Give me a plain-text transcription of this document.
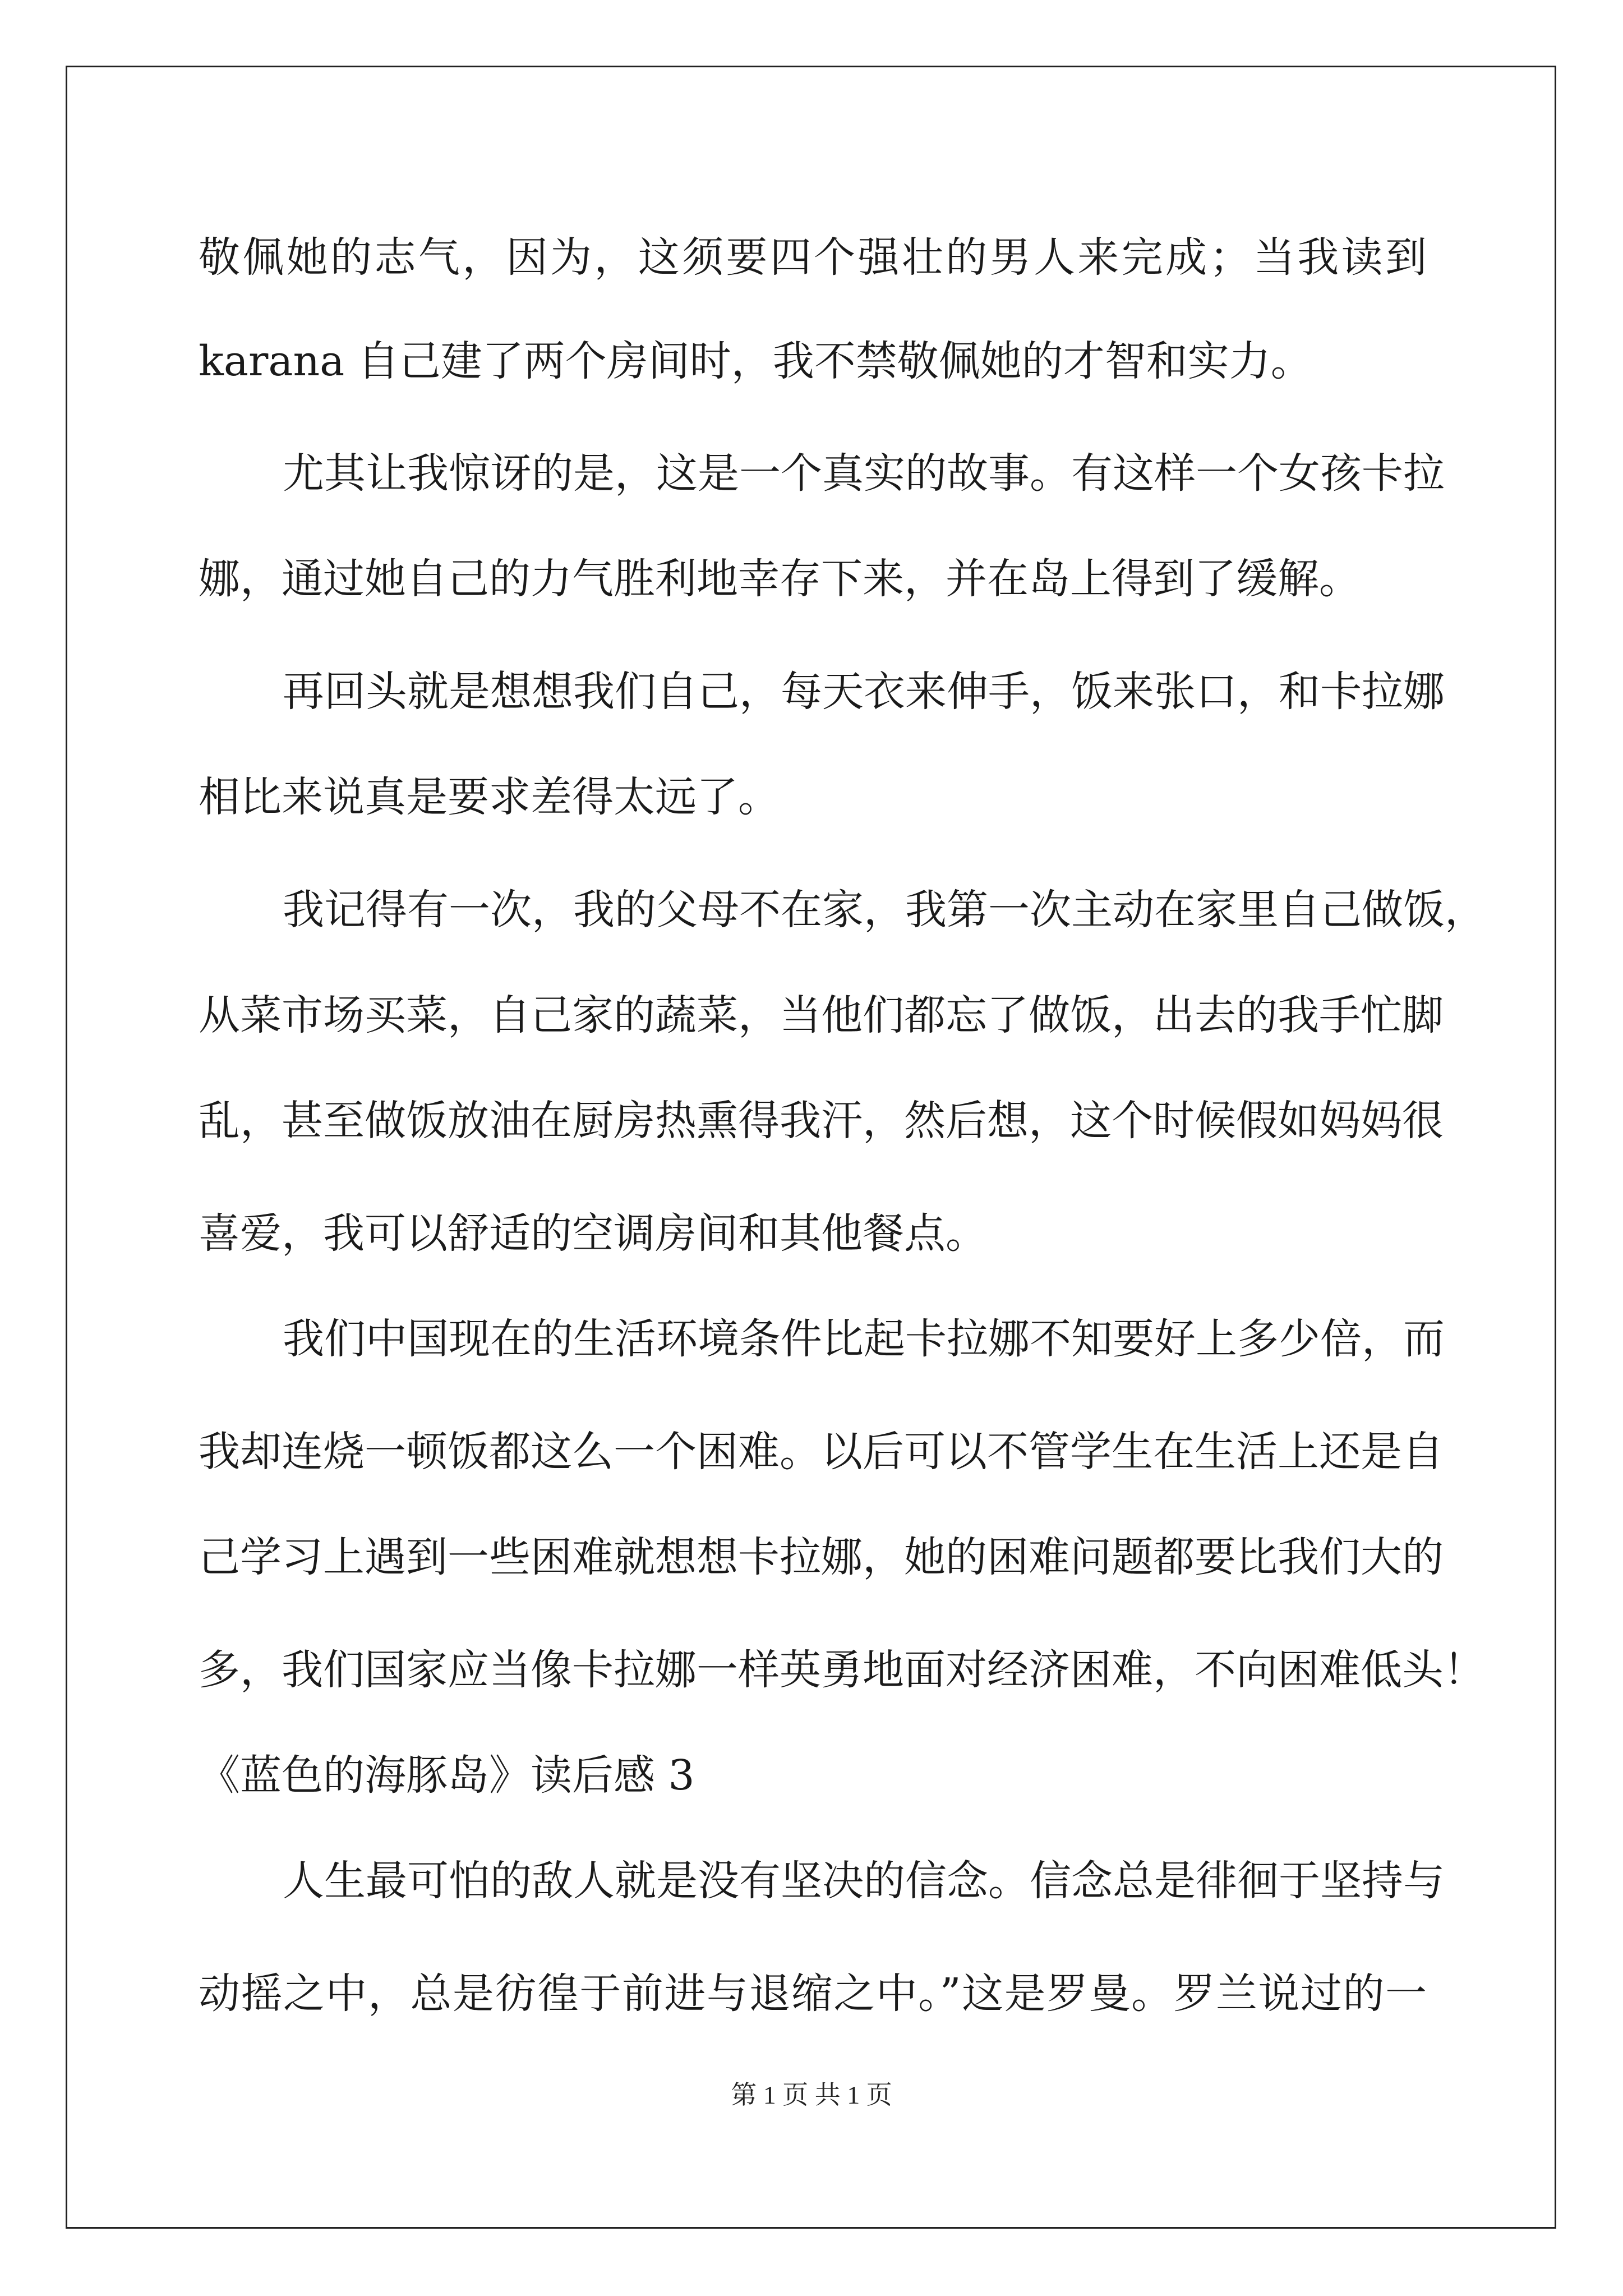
敬佩她的志气，因为，这须要四个强壮的男人来完成；当我读到
karana 自己建了两个房间时，我不禁敬佩她的才智和实力。
尤其让我惊讶的是，这是一个真实的故事。有这样一个女孩卡拉
娜，通过她自己的力气胜利地幸存下来，并在岛上得到了缓解。
再回头就是想想我们自己，每天衣来伸手，饭来张口，和卡拉娜
相比来说真是要求差得太远了。
我记得有一次，我的父母不在家，我第一次主动在家里自己做饭，
从菜市场买菜，自己家的蔬菜，当他们都忘了做饭，出去的我手忙脚
乱，甚至做饭放油在厨房热熏得我汗，然后想，这个时候假如妈妈很
喜爱，我可以舒适的空调房间和其他餐点。
我们中国现在的生活环境条件比起卡拉娜不知要好上多少倍，而
我却连烧一顿饭都这么一个困难。以后可以不管学生在生活上还是自
己学习上遇到一些困难就想想卡拉娜，她的困难问题都要比我们大的
多，我们国家应当像卡拉娜一样英勇地面对经济困难，不向困难低头！
《蓝色的海豚岛》读后感 3
人生最可怕的敌人就是没有坚决的信念。信念总是徘徊于坚持与
动摇之中，总是彷徨于前进与退缩之中。”这是罗曼。罗兰说过的一
第 1 页 共 1 页
